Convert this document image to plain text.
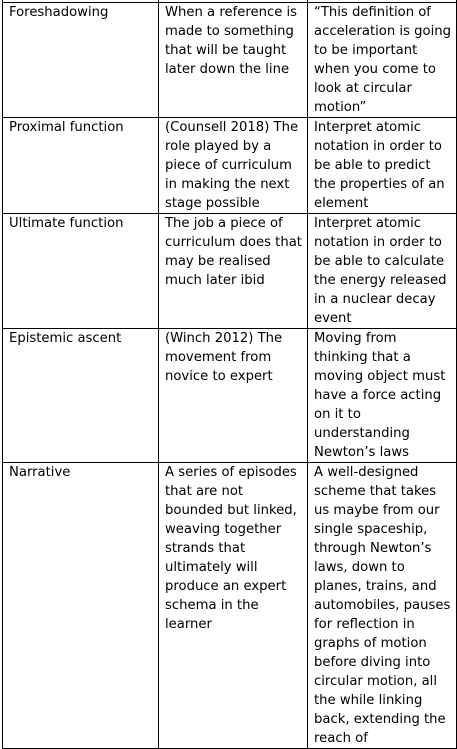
Foreshadowing	When a reference is made to something that will be taught later down the line	“This definition of acceleration is going to be important when you come to look at circular motion”
Proximal function	(Counsell 2018) The role played by a piece of curriculum in making the next stage possible	Interpret atomic notation in order to be able to predict the properties of an element
Ultimate function	The job a piece of curriculum does that may be realised much later ibid	Interpret atomic notation in order to be able to calculate the energy released in a nuclear decay event
Epistemic ascent	(Winch 2012) The movement from novice to expert	Moving from thinking that a moving object must have a force acting on it to understanding Newton’s laws
Narrative	A series of episodes that are not bounded but linked, weaving together strands that ultimately will produce an expert schema in the learner	A well-designed scheme that takes us maybe from our single spaceship, through Newton’s laws, down to planes, trains, and automobiles, pauses for reflection in graphs of motion before diving into circular motion, all the while linking back, extending the reach of
